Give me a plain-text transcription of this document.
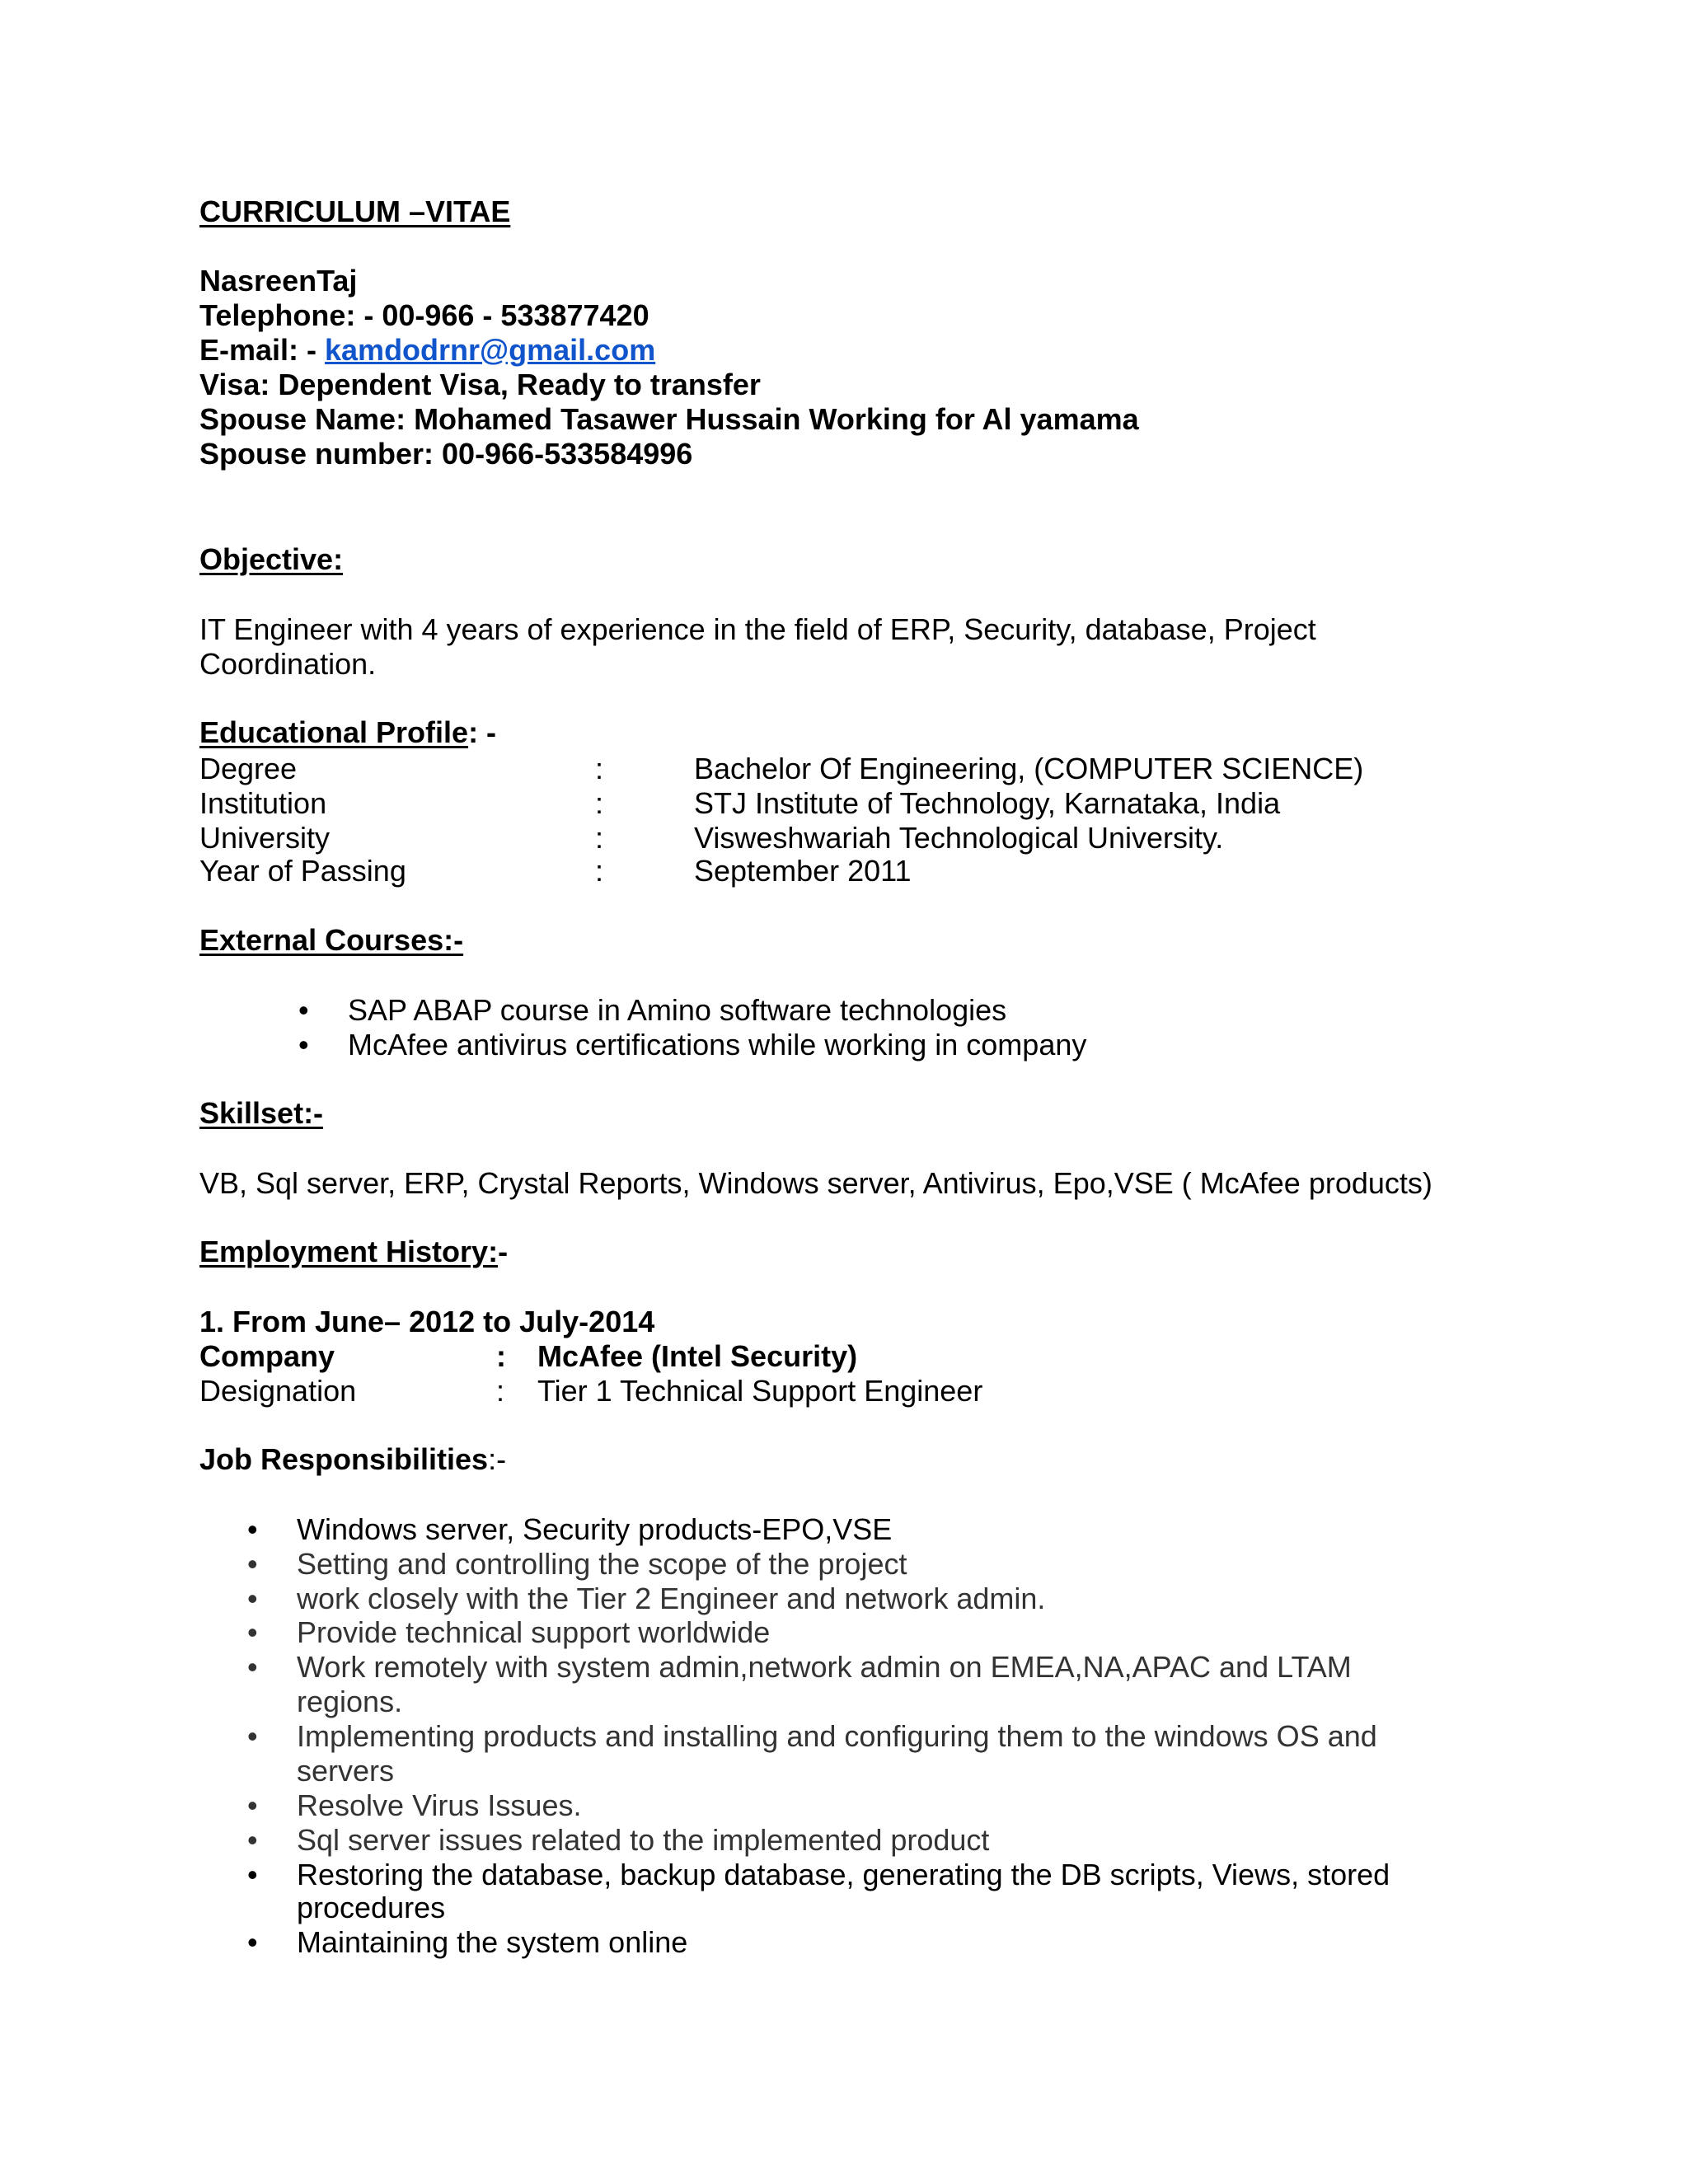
CURRICULUM –VITAE
NasreenTaj
Telephone: - 00-966 - 533877420
E-mail: - kamdodrnr@gmail.com
Visa: Dependent Visa, Ready to transfer
Spouse Name: Mohamed Tasawer Hussain Working for Al yamama
Spouse number: 00-966-533584996
Objective:
IT Engineer with 4 years of experience in the field of ERP, Security, database, Project
Coordination.
Educational Profile: -
Degree	:	Bachelor Of Engineering, (COMPUTER SCIENCE)
Institution	:	STJ Institute of Technology, Karnataka, India
University	:	Visweshwariah Technological University.
Year of Passing	:	September 2011
External Courses:-
• SAP ABAP course in Amino software technologies
• McAfee antivirus certifications while working in company
Skillset:-
VB, Sql server, ERP, Crystal Reports, Windows server, Antivirus, Epo,VSE ( McAfee products)
Employment History:-
1. From June– 2012 to July-2014
Company	: McAfee (Intel Security)
Designation	: Tier 1 Technical Support Engineer
Job Responsibilities:-
• Windows server, Security products-EPO,VSE
• Setting and controlling the scope of the project
• work closely with the Tier 2 Engineer and network admin.
• Provide technical support worldwide
• Work remotely with system admin,network admin on EMEA,NA,APAC and LTAM
regions.
• Implementing products and installing and configuring them to the windows OS and
servers
• Resolve Virus Issues.
• Sql server issues related to the implemented product
• Restoring the database, backup database, generating the DB scripts, Views, stored
procedures
• Maintaining the system online
